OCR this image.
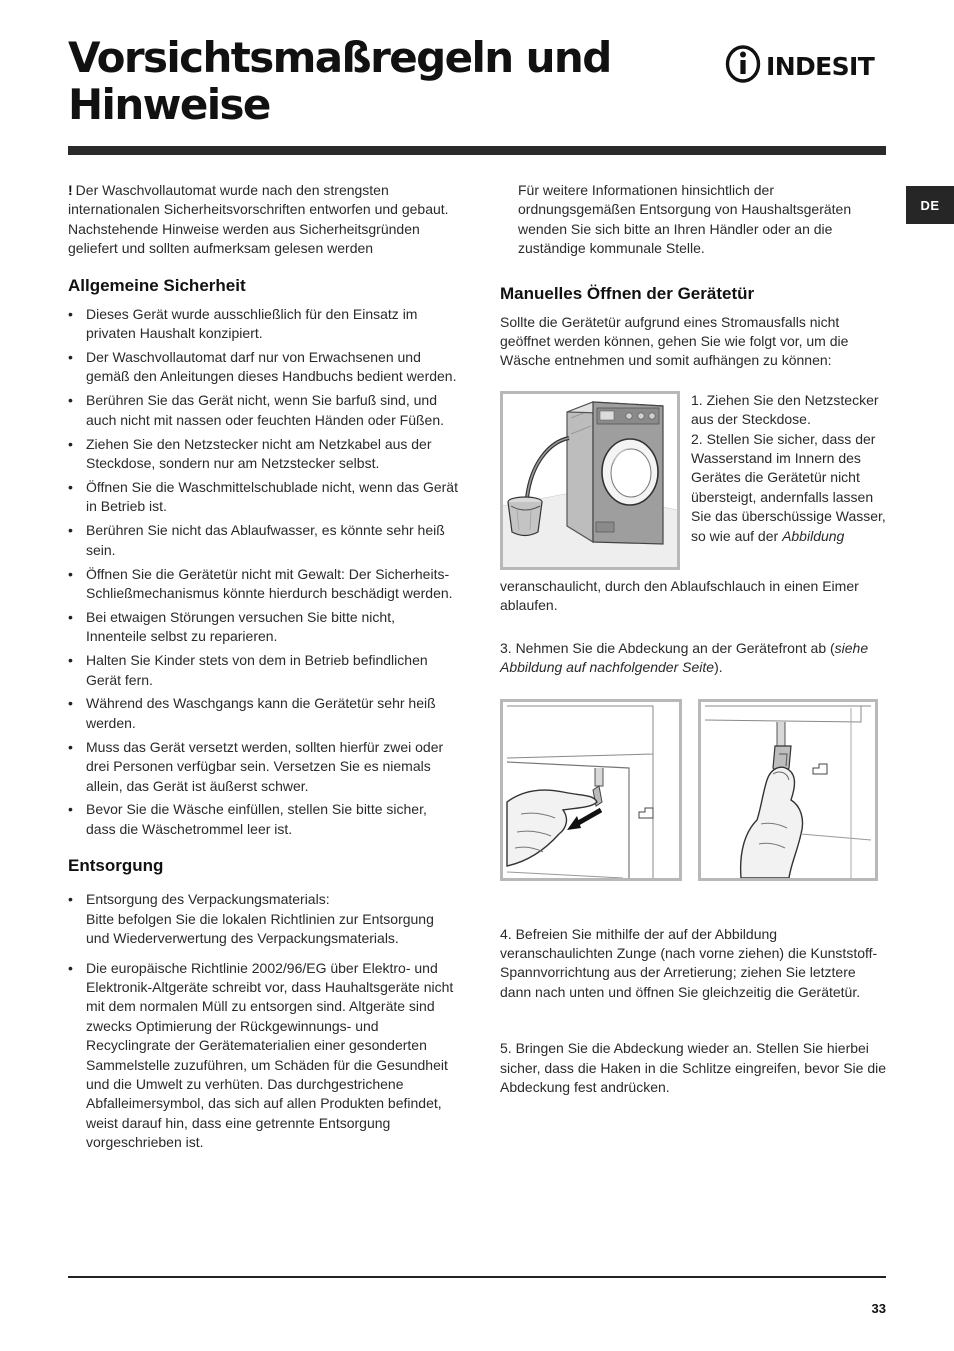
Vorsichtsmaßregeln und Hinweise
INDESIT
DE

! Der Waschvollautomat wurde nach den strengsten internationalen Sicherheitsvorschriften entworfen und gebaut. Nachstehende Hinweise werden aus Sicherheitsgründen geliefert und sollten aufmerksam gelesen werden

Allgemeine Sicherheit
• Dieses Gerät wurde ausschließlich für den Einsatz im privaten Haushalt konzipiert.
• Der Waschvollautomat darf nur von Erwachsenen und gemäß den Anleitungen dieses Handbuchs bedient werden.
• Berühren Sie das Gerät nicht, wenn Sie barfuß sind, und auch nicht mit nassen oder feuchten Händen oder Füßen.
• Ziehen Sie den Netzstecker nicht am Netzkabel aus der Steckdose, sondern nur am Netzstecker selbst.
• Öffnen Sie die Waschmittelschublade nicht, wenn das Gerät in Betrieb ist.
• Berühren Sie nicht das Ablaufwasser, es könnte sehr heiß sein.
• Öffnen Sie die Gerätetür nicht mit Gewalt: Der Sicherheits-Schließmechanismus könnte hierdurch beschädigt werden.
• Bei etwaigen Störungen versuchen Sie bitte nicht, Innenteile selbst zu reparieren.
• Halten Sie Kinder stets von dem in Betrieb befindlichen Gerät fern.
• Während des Waschgangs kann die Gerätetür sehr heiß werden.
• Muss das Gerät versetzt werden, sollten hierfür zwei oder drei Personen verfügbar sein. Versetzen Sie es niemals allein, das Gerät ist äußerst schwer.
• Bevor Sie die Wäsche einfüllen, stellen Sie bitte sicher, dass die Wäschetrommel leer ist.
Entsorgung
• Entsorgung des Verpackungsmaterials:
Bitte befolgen Sie die lokalen Richtlinien zur Entsorgung und Wiederverwertung des Verpackungsmaterials.
• Die europäische Richtlinie 2002/96/EG über Elektro- und Elektronik-Altgeräte schreibt vor, dass Hauhaltsgeräte nicht mit dem normalen Müll zu entsorgen sind. Altgeräte sind zwecks Optimierung der Rückgewinnungs- und Recyclingrate der Gerätematerialien einer gesonderten Sammelstelle zuzuführen, um Schäden für die Gesundheit und die Umwelt zu verhüten. Das durchgestrichene Abfalleimersymbol, das sich auf allen Produkten befindet, weist darauf hin, dass eine getrennte Entsorgung vorgeschrieben ist.

Für weitere Informationen hinsichtlich der ordnungsgemäßen Entsorgung von Haushaltsgeräten wenden Sie sich bitte an Ihren Händler oder an die zuständige kommunale Stelle.

Manuelles Öffnen der Gerätetür

Sollte die Gerätetür aufgrund eines Stromausfalls nicht geöffnet werden können, gehen Sie wie folgt vor, um die Wäsche entnehmen und somit aufhängen zu können:

1. Ziehen Sie den Netzstecker aus der Steckdose.

2. Stellen Sie sicher, dass der Wasserstand im Innern des Gerätes die Gerätetür nicht übersteigt, andernfalls lassen Sie das überschüssige Wasser, so wie auf der Abbildung

veranschaulicht, durch den Ablaufschlauch in einen Eimer ablaufen.

3. Nehmen Sie die Abdeckung an der Gerätefront ab (siehe Abbildung auf nachfolgender Seite).

4. Befreien Sie mithilfe der auf der Abbildung veranschaulichten Zunge (nach vorne ziehen) die Kunststoff-Spannvorrichtung aus der Arretierung; ziehen Sie letztere dann nach unten und öffnen Sie gleichzeitig die Gerätetür.

5. Bringen Sie die Abdeckung wieder an. Stellen Sie hierbei sicher, dass die Haken in die Schlitze eingreifen, bevor Sie die Abdeckung fest andrücken.

33
